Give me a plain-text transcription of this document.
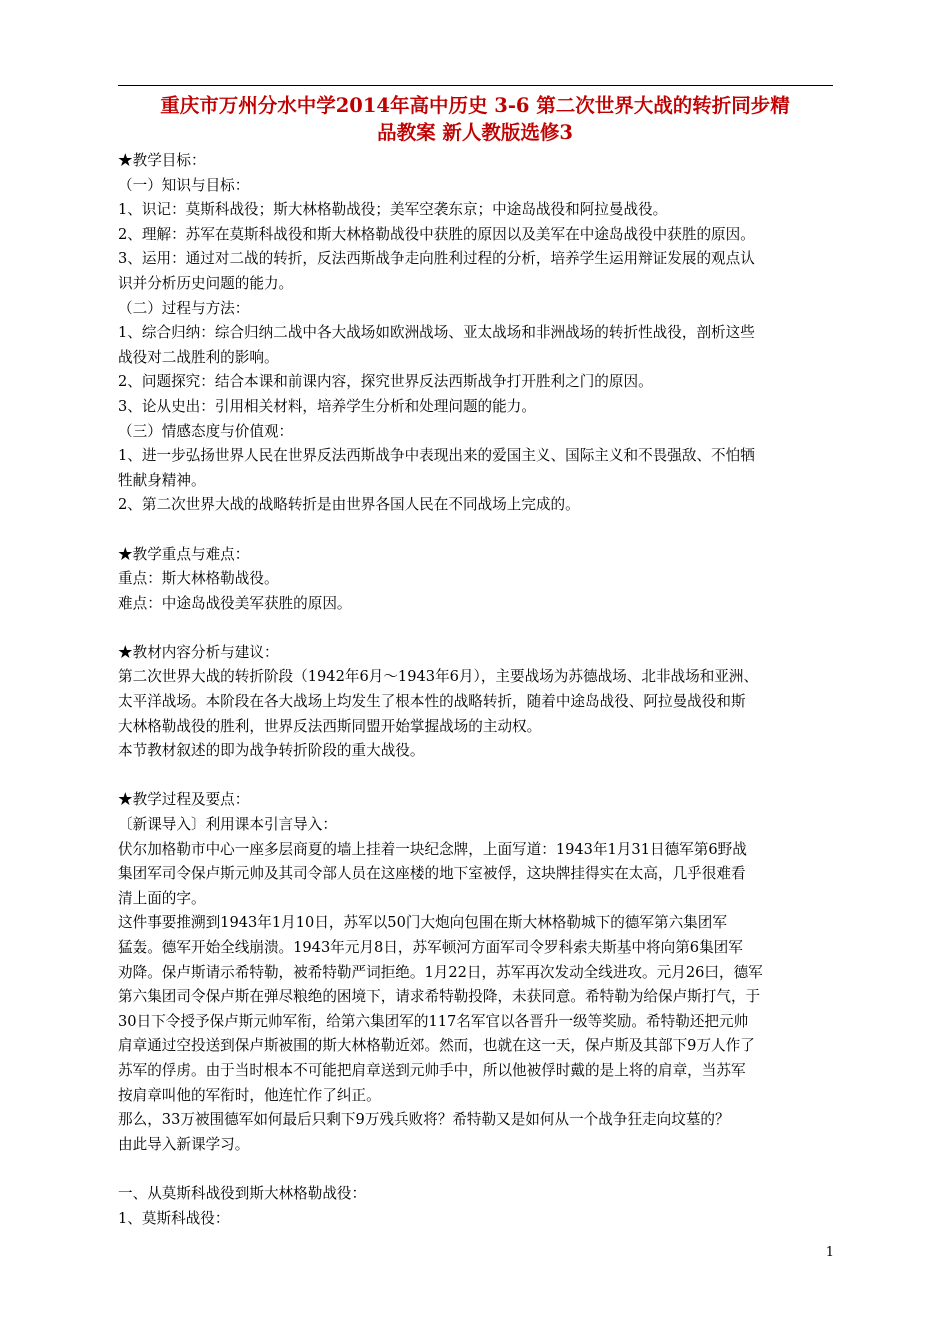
重庆市万州分水中学2014年高中历史 3-6 第二次世界大战的转折同步精
品教案 新人教版选修3
★教学目标：
（一）知识与目标：
1、识记：莫斯科战役；斯大林格勒战役；美军空袭东京；中途岛战役和阿拉曼战役。
2、理解：苏军在莫斯科战役和斯大林格勒战役中获胜的原因以及美军在中途岛战役中获胜的原因。
3、运用：通过对二战的转折，反法西斯战争走向胜利过程的分析，培养学生运用辩证发展的观点认
识并分析历史问题的能力。
（二）过程与方法：
1、综合归纳：综合归纳二战中各大战场如欧洲战场、亚太战场和非洲战场的转折性战役，剖析这些
战役对二战胜利的影响。
2、问题探究：结合本课和前课内容，探究世界反法西斯战争打开胜利之门的原因。
3、论从史出：引用相关材料，培养学生分析和处理问题的能力。
（三）情感态度与价值观：
1、进一步弘扬世界人民在世界反法西斯战争中表现出来的爱国主义、国际主义和不畏强敌、不怕牺
牲献身精神。
2、第二次世界大战的战略转折是由世界各国人民在不同战场上完成的。
★教学重点与难点：
重点：斯大林格勒战役。
难点：中途岛战役美军获胜的原因。
★教材内容分析与建议：
第二次世界大战的转折阶段（1942年6月～1943年6月），主要战场为苏德战场、北非战场和亚洲、
太平洋战场。本阶段在各大战场上均发生了根本性的战略转折，随着中途岛战役、阿拉曼战役和斯
大林格勒战役的胜利，世界反法西斯同盟开始掌握战场的主动权。
本节教材叙述的即为战争转折阶段的重大战役。
★教学过程及要点：
〔新课导入〕利用课本引言导入：
伏尔加格勒市中心一座多层商夏的墙上挂着一块纪念牌，上面写道：1943年1月31日德军第6野战
集团军司令保卢斯元帅及其司令部人员在这座楼的地下室被俘，这块牌挂得实在太高，几乎很难看
清上面的字。
这件事要推溯到1943年1月10日，苏军以50门大炮向包围在斯大林格勒城下的德军第六集团军
猛轰。德军开始全线崩溃。1943年元月8日，苏军顿河方面军司令罗科索夫斯基中将向第6集团军
劝降。保卢斯请示希特勒，被希特勒严词拒绝。1月22日，苏军再次发动全线进攻。元月26曰，德军
第六集团司令保卢斯在弹尽粮绝的困境下，请求希特勒投降，未获同意。希特勒为给保卢斯打气，于
30日下令授予保卢斯元帅军衔，给第六集团军的117名军官以各晋升一级等奖励。希特勒还把元帅
肩章通过空投送到保卢斯被围的斯大林格勒近郊。然而，也就在这一天，保卢斯及其部下9万人作了
苏军的俘虏。由于当时根本不可能把肩章送到元帅手中，所以他被俘时戴的是上将的肩章，当苏军
按肩章叫他的军衔时，他连忙作了纠正。
那么，33万被围德军如何最后只剩下9万残兵败将？希特勒又是如何从一个战争狂走向坟墓的？
由此导入新课学习。
一、从莫斯科战役到斯大林格勒战役：
1、莫斯科战役：
1
